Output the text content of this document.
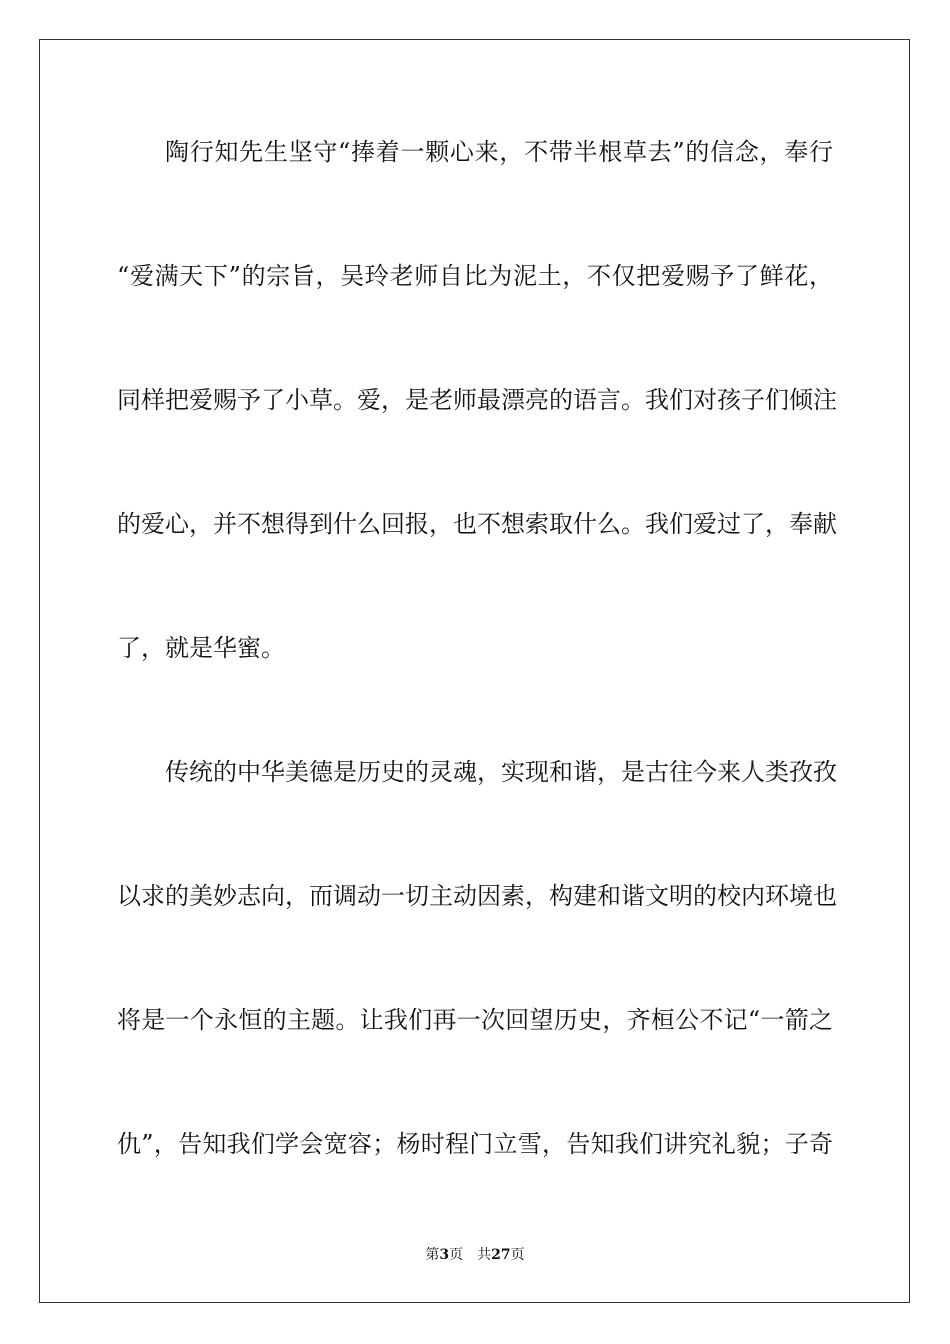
陶行知先生坚守“捧着一颗心来，不带半根草去”的信念，奉行
“爱满天下”的宗旨，吴玲老师自比为泥土，不仅把爱赐予了鲜花，
同样把爱赐予了小草。爱，是老师最漂亮的语言。我们对孩子们倾注
的爱心，并不想得到什么回报，也不想索取什么。我们爱过了，奉献
了，就是华蜜。
传统的中华美德是历史的灵魂，实现和谐，是古往今来人类孜孜
以求的美妙志向，而调动一切主动因素，构建和谐文明的校内环境也
将是一个永恒的主题。让我们再一次回望历史，齐桓公不记“一箭之
仇”，告知我们学会宽容；杨时程门立雪，告知我们讲究礼貌；子奇
第3页 共27页
